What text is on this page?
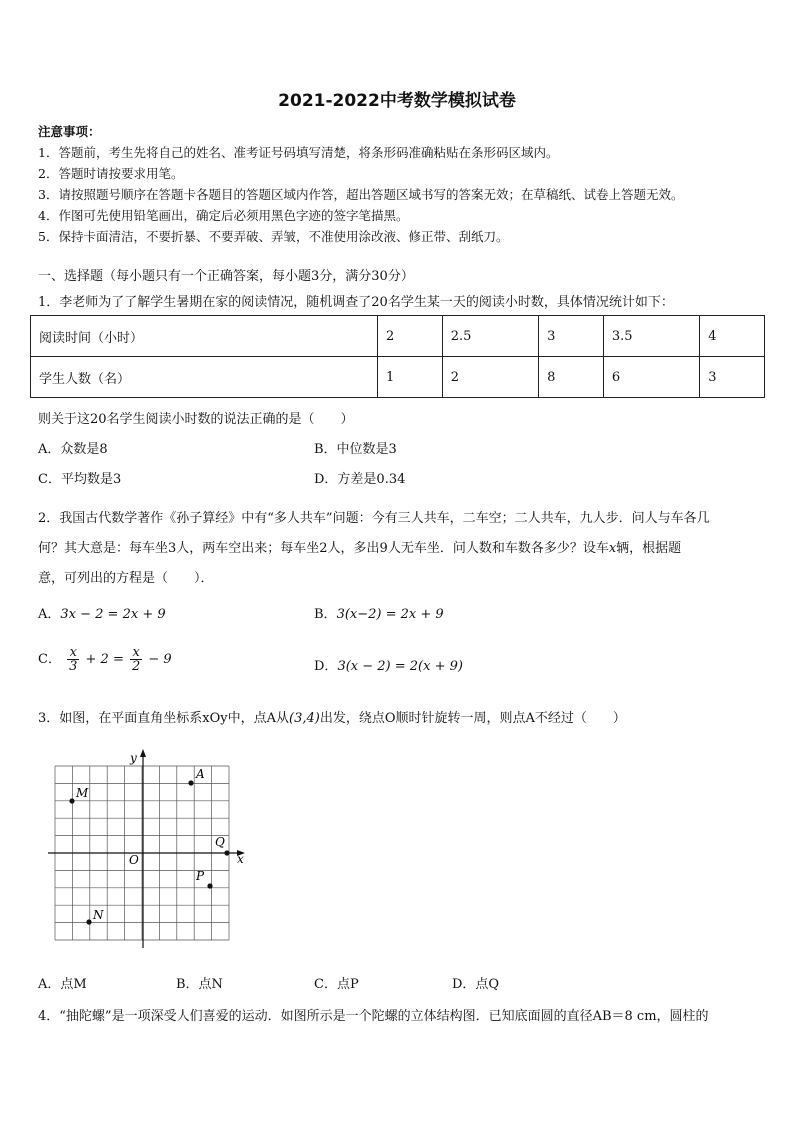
2021-2022中考数学模拟试卷
注意事项：
1．答题前，考生先将自己的姓名、准考证号码填写清楚，将条形码准确粘贴在条形码区域内。
2．答题时请按要求用笔。
3．请按照题号顺序在答题卡各题目的答题区域内作答，超出答题区域书写的答案无效；在草稿纸、试卷上答题无效。
4．作图可先使用铅笔画出，确定后必须用黑色字迹的签字笔描黑。
5．保持卡面清洁，不要折暴、不要弄破、弄皱，不准使用涂改液、修正带、刮纸刀。
一、选择题（每小题只有一个正确答案，每小题3分，满分30分）
1．李老师为了了解学生暑期在家的阅读情况，随机调查了20名学生某一天的阅读小时数，具体情况统计如下：
阅读时间（小时）	2	2.5	3	3.5	4
学生人数（名）	1	2	8	6	3
则关于这20名学生阅读小时数的说法正确的是（　　）
A．众数是8	B．中位数是3
C．平均数是3	D．方差是0.34
2．我国古代数学著作《孙子算经》中有“多人共车”问题：今有三人共车，二车空；二人共车，九人步．问人与车各几
何？其大意是：每车坐3人，两车空出来；每车坐2人，多出9人无车坐．问人数和车数各多少？设车x辆，根据题
意，可列出的方程是（　　）．
A．3x − 2 = 2x + 9	B．3(x−2) = 2x + 9
C． $\frac{x}{3} + 2 = \frac{x}{2} - 9$	D．3(x − 2) = 2(x + 9)
3．如图，在平面直角坐标系xOy中，点A从(3,4)出发，绕点O顺时针旋转一周，则点A不经过（　　）
y
x
O
A
M
N
P
Q
A．点M	B．点N	C．点P	D．点Q
4．“抽陀螺”是一项深受人们喜爱的运动．如图所示是一个陀螺的立体结构图．已知底面圆的直径AB＝8 cm，圆柱的
